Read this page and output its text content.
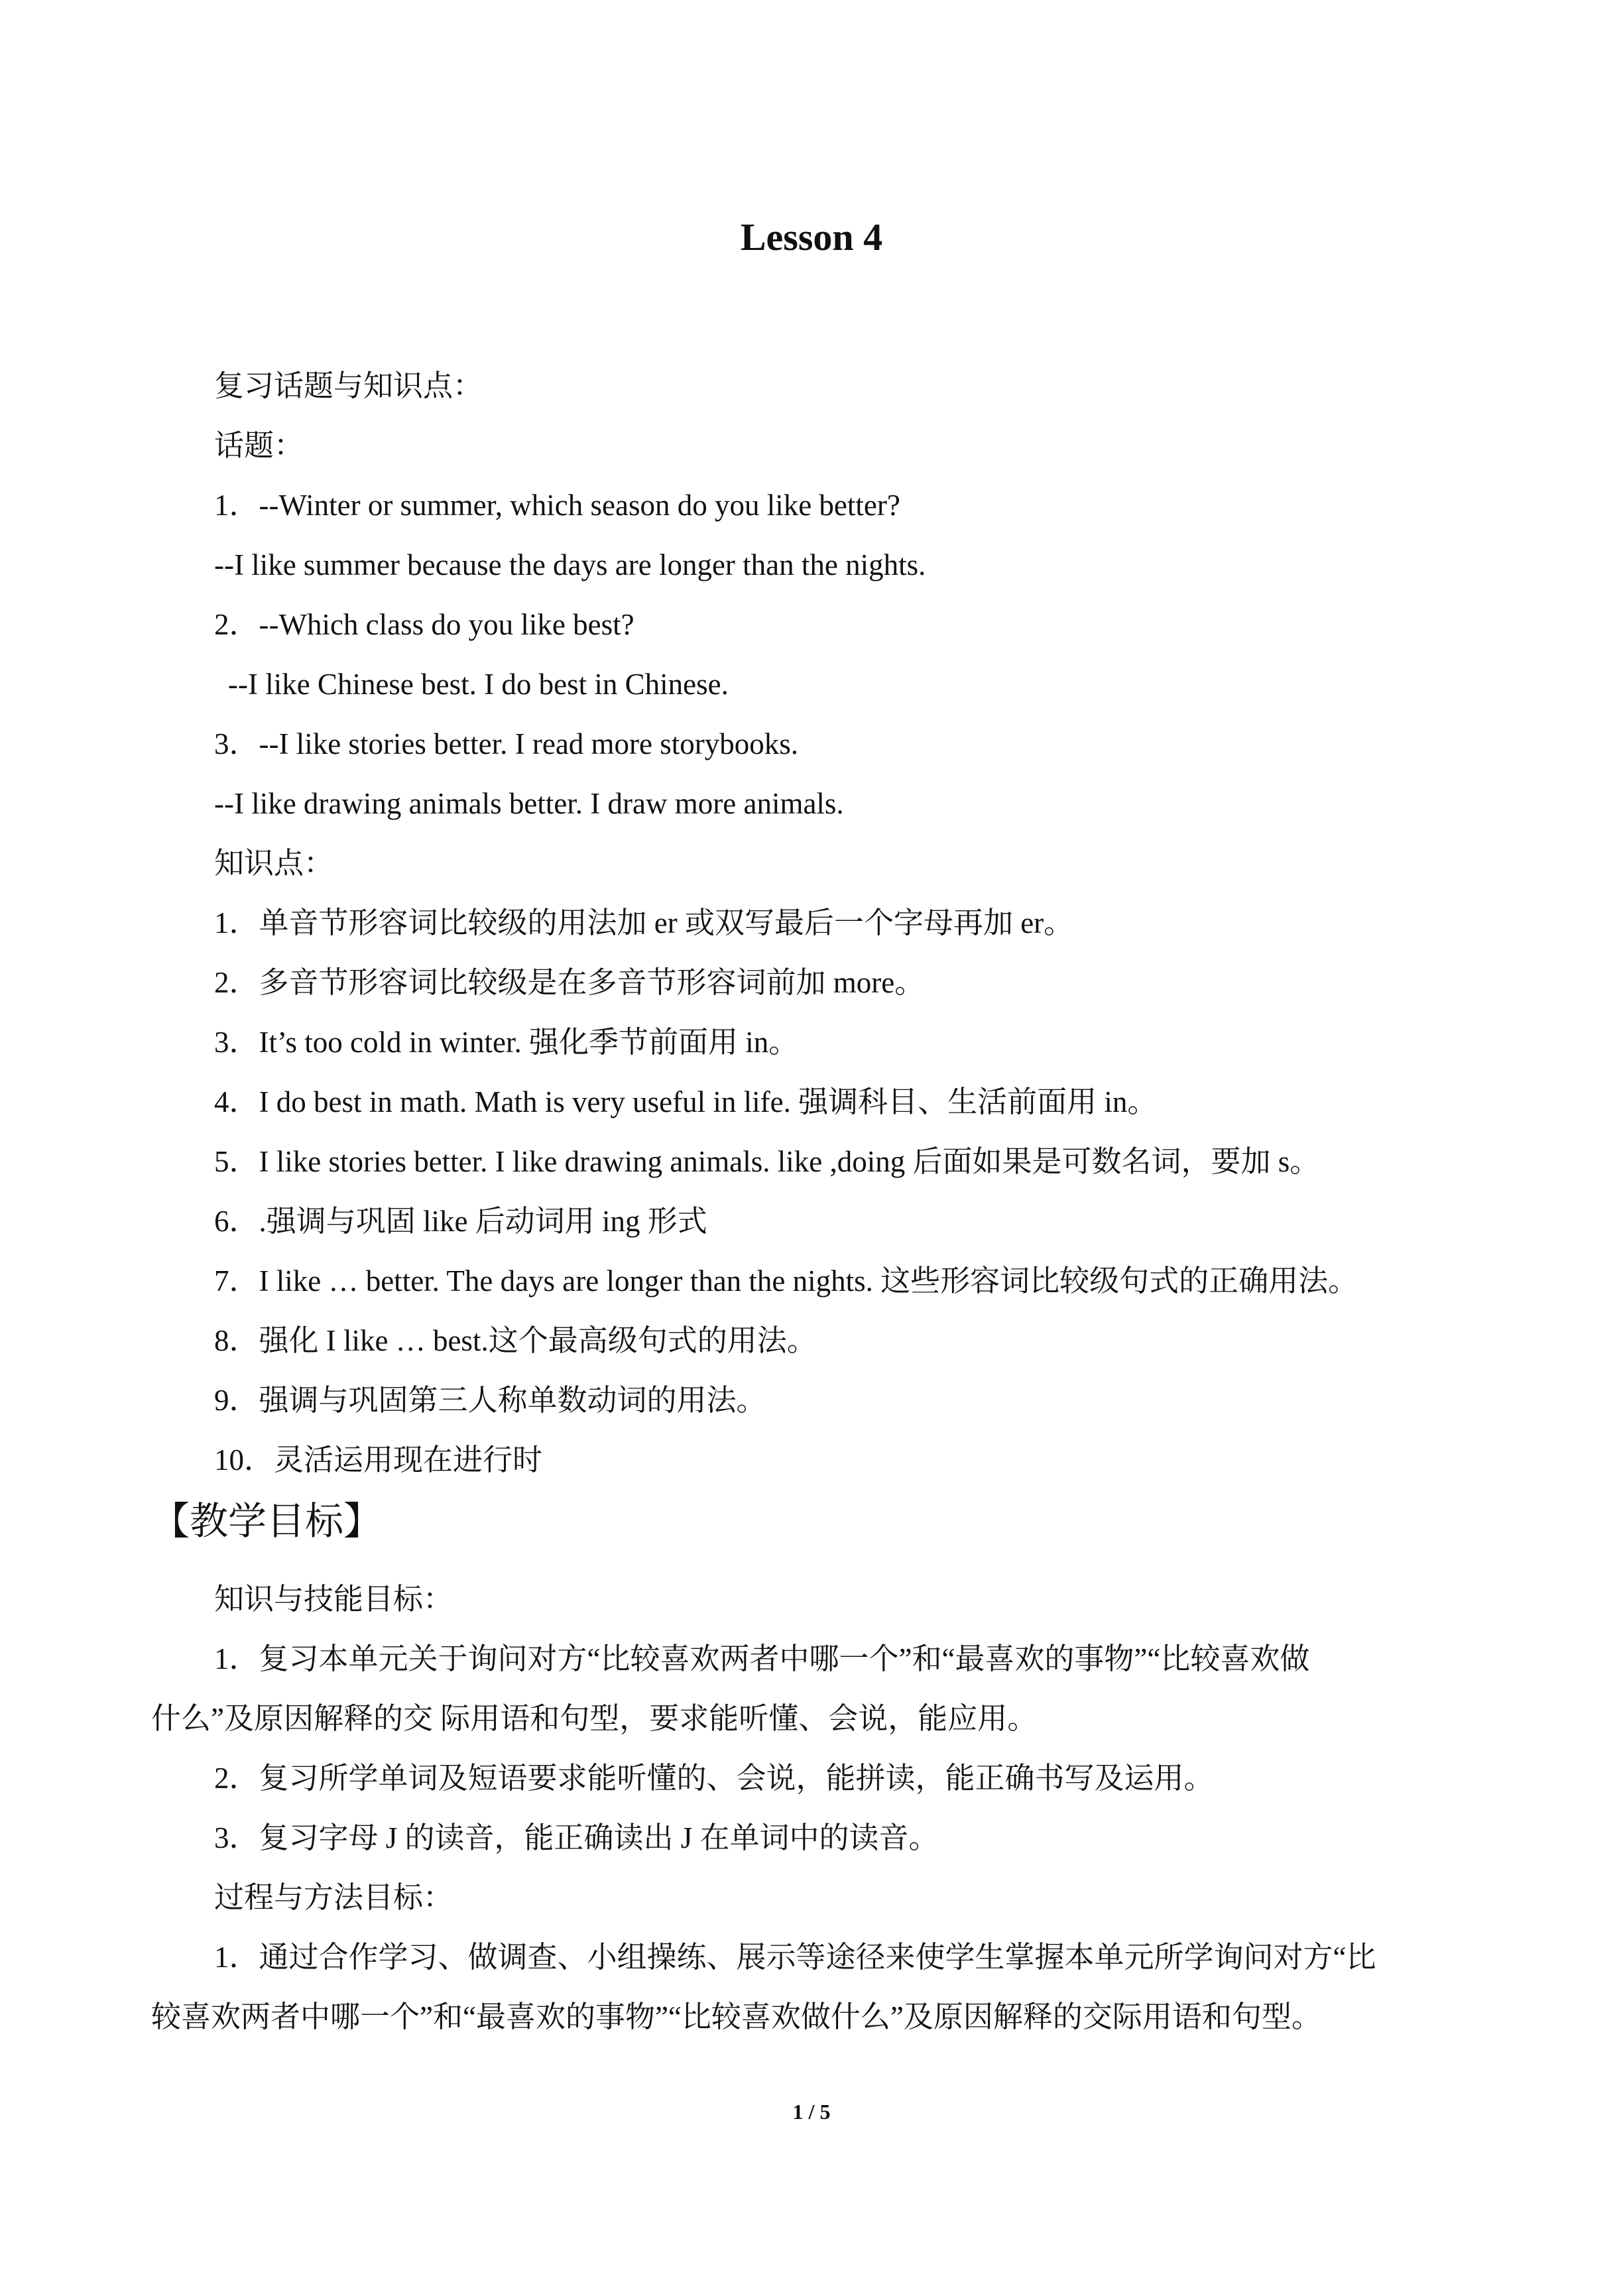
Lesson 4
复习话题与知识点：
话题：
1．--Winter or summer, which season do you like better?
--I like summer because the days are longer than the nights.
2．--Which class do you like best?
--I like Chinese best. I do best in Chinese.
3．--I like stories better. I read more storybooks.
--I like drawing animals better. I draw more animals.
知识点：
1．单音节形容词比较级的用法加 er 或双写最后一个字母再加 er。
2．多音节形容词比较级是在多音节形容词前加 more。
3．It’s too cold in winter. 强化季节前面用 in。
4．I do best in math. Math is very useful in life. 强调科目、生活前面用 in。
5．I like stories better. I like drawing animals. like ,doing 后面如果是可数名词，要加 s。
6．.强调与巩固 like 后动词用 ing 形式
7．I like … better. The days are longer than the nights. 这些形容词比较级句式的正确用法。
8．强化 I like … best.这个最高级句式的用法。
9．强调与巩固第三人称单数动词的用法。
10．灵活运用现在进行时
【教学目标】
知识与技能目标：
1．复习本单元关于询问对方“比较喜欢两者中哪一个”和“最喜欢的事物”“比较喜欢做
什么”及原因解释的交 际用语和句型，要求能听懂、会说，能应用。
2．复习所学单词及短语要求能听懂的、会说，能拼读，能正确书写及运用。
3．复习字母 J 的读音，能正确读出 J 在单词中的读音。
过程与方法目标：
1．通过合作学习、做调查、小组操练、展示等途径来使学生掌握本单元所学询问对方“比
较喜欢两者中哪一个”和“最喜欢的事物”“比较喜欢做什么”及原因解释的交际用语和句型。
1 / 5
